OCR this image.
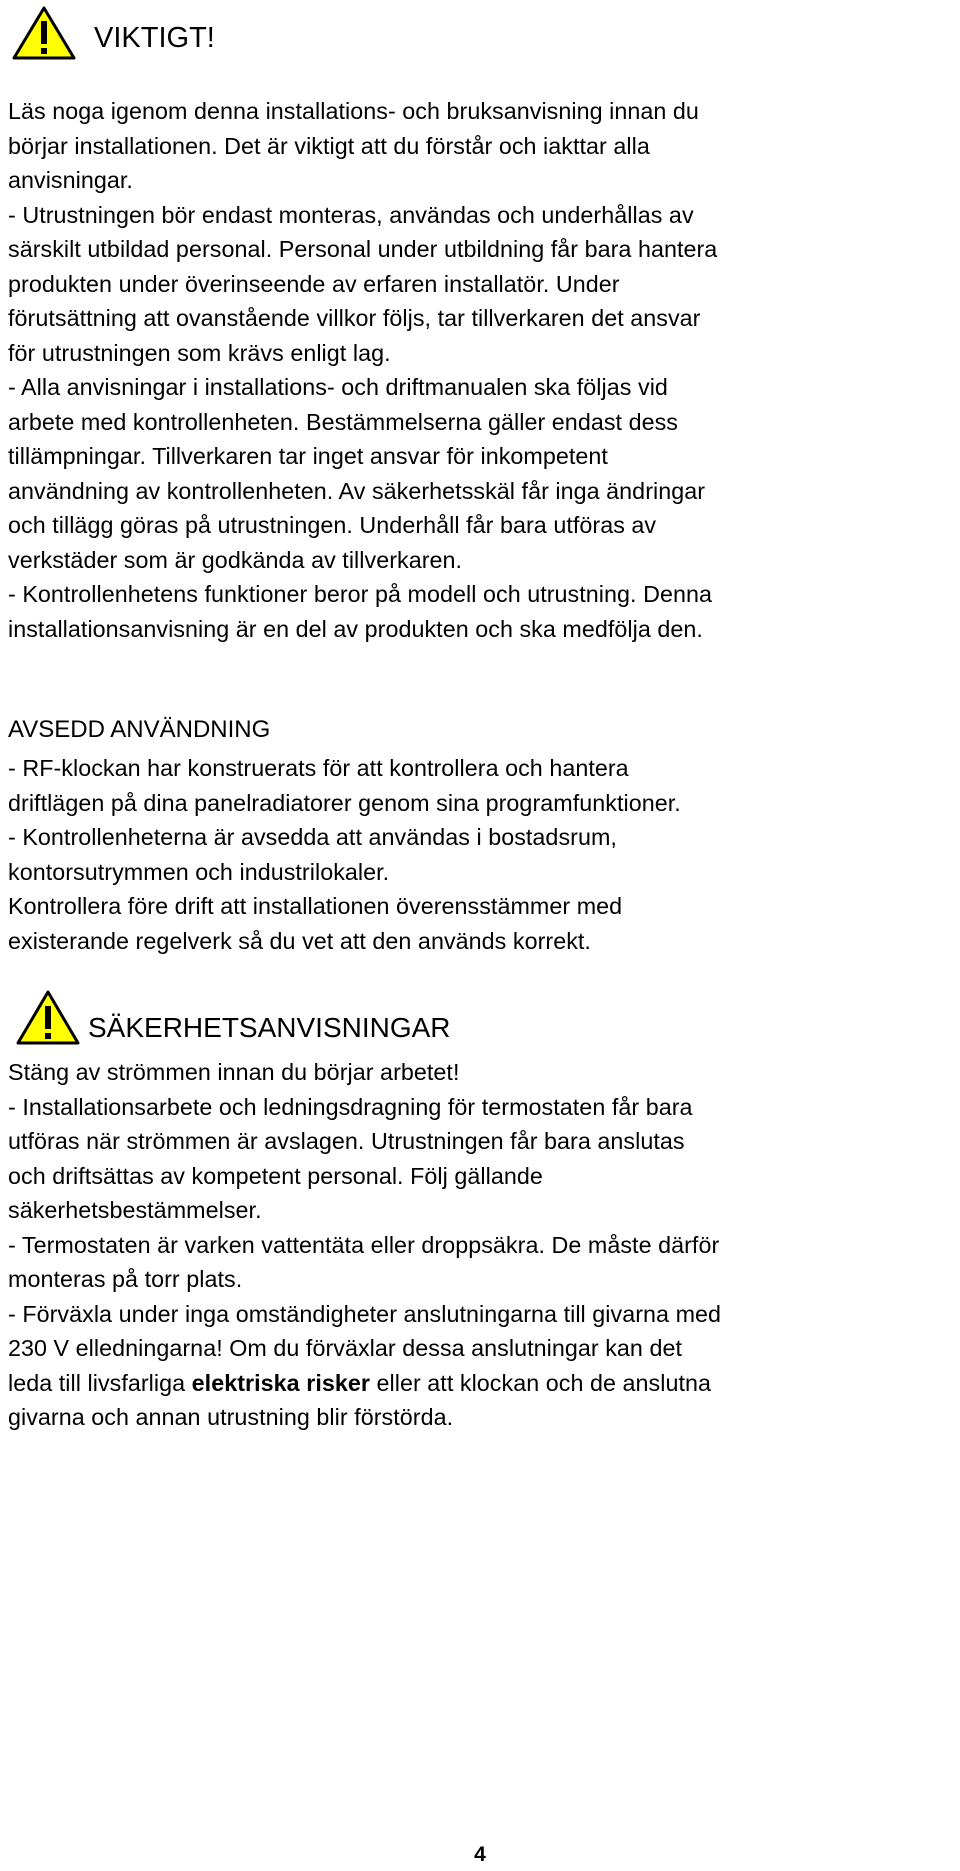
VIKTIGT!
Läs noga igenom denna installations- och bruksanvisning innan du
börjar installationen. Det är viktigt att du förstår och iakttar alla
anvisningar.
- Utrustningen bör endast monteras, användas och underhållas av
särskilt utbildad personal. Personal under utbildning får bara hantera
produkten under överinseende av erfaren installatör. Under
förutsättning att ovanstående villkor följs, tar tillverkaren det ansvar
för utrustningen som krävs enligt lag.
- Alla anvisningar i installations- och driftmanualen ska följas vid
arbete med kontrollenheten. Bestämmelserna gäller endast dess
tillämpningar. Tillverkaren tar inget ansvar för inkompetent
användning av kontrollenheten. Av säkerhetsskäl får inga ändringar
och tillägg göras på utrustningen. Underhåll får bara utföras av
verkstäder som är godkända av tillverkaren.
- Kontrollenhetens funktioner beror på modell och utrustning. Denna
installationsanvisning är en del av produkten och ska medfölja den.
AVSEDD ANVÄNDNING
- RF-klockan har konstruerats för att kontrollera och hantera
driftlägen på dina panelradiatorer genom sina programfunktioner.
- Kontrollenheterna är avsedda att användas i bostadsrum,
kontorsutrymmen och industrilokaler.
Kontrollera före drift att installationen överensstämmer med
existerande regelverk så du vet att den används korrekt.
SÄKERHETSANVISNINGAR
Stäng av strömmen innan du börjar arbetet!
- Installationsarbete och ledningsdragning för termostaten får bara
utföras när strömmen är avslagen. Utrustningen får bara anslutas
och driftsättas av kompetent personal. Följ gällande
säkerhetsbestämmelser.
- Termostaten är varken vattentäta eller droppsäkra. De måste därför
monteras på torr plats.
- Förväxla under inga omständigheter anslutningarna till givarna med
230 V elledningarna! Om du förväxlar dessa anslutningar kan det
leda till livsfarliga elektriska risker eller att klockan och de anslutna
givarna och annan utrustning blir förstörda.
4
